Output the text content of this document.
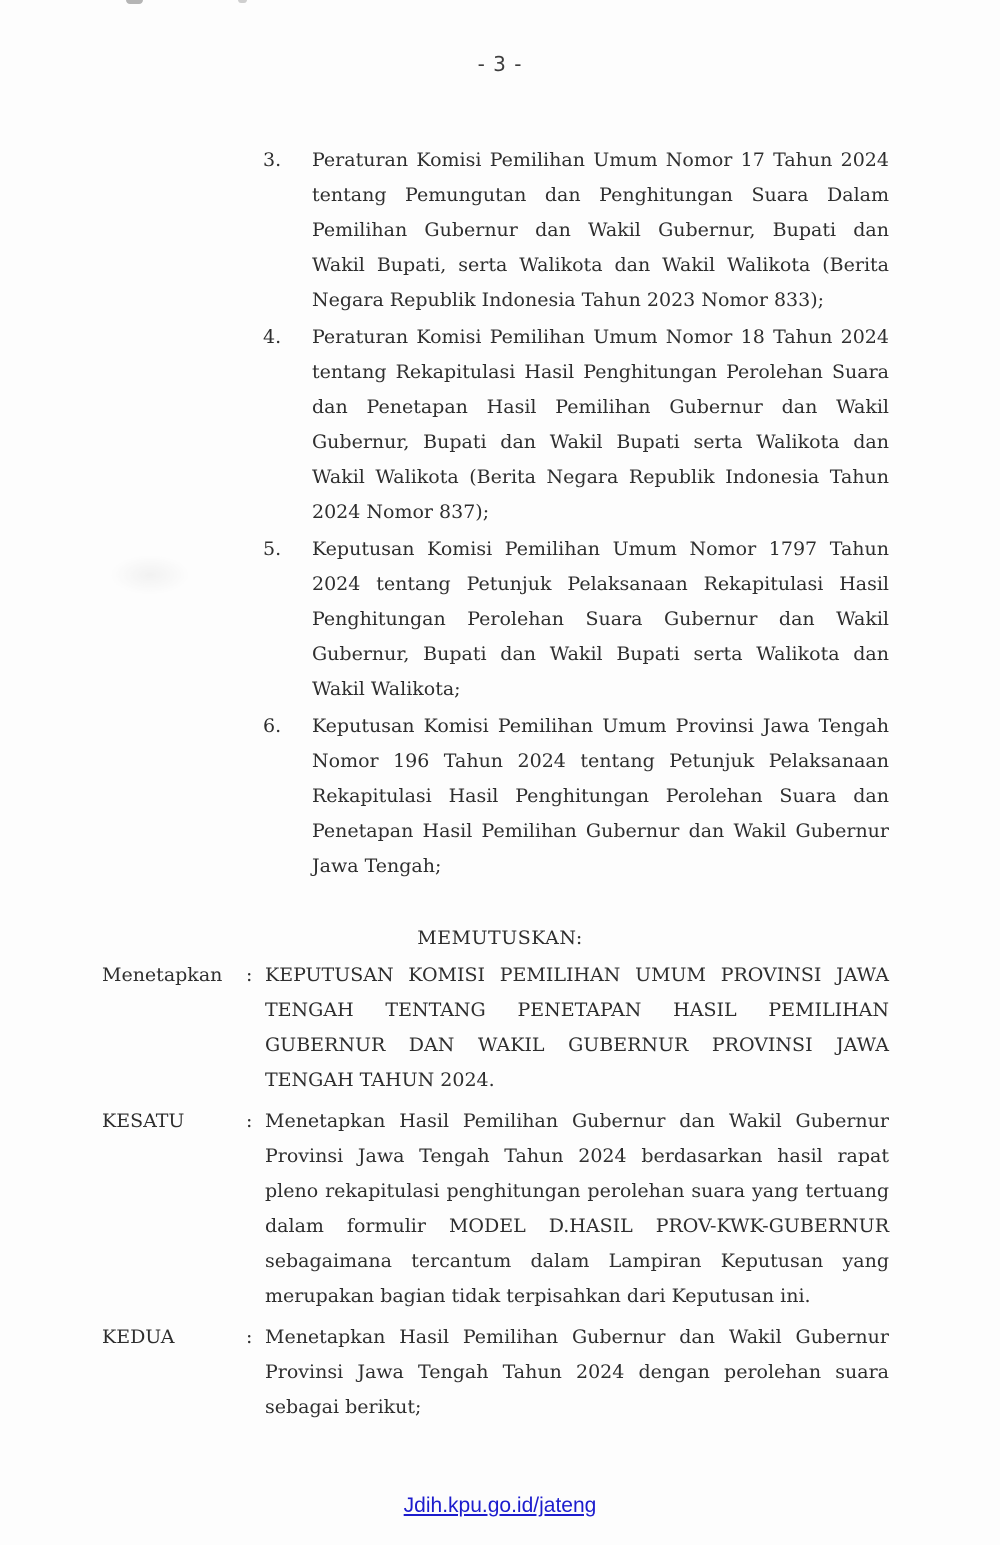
- 3 -
3.	Peraturan Komisi Pemilihan Umum Nomor 17 Tahun 2024
tentang Pemungutan dan Penghitungan Suara Dalam
Pemilihan Gubernur dan Wakil Gubernur, Bupati dan
Wakil Bupati, serta Walikota dan Wakil Walikota (Berita
Negara Republik Indonesia Tahun 2023 Nomor 833);
4.	Peraturan Komisi Pemilihan Umum Nomor 18 Tahun 2024
tentang Rekapitulasi Hasil Penghitungan Perolehan Suara
dan Penetapan Hasil Pemilihan Gubernur dan Wakil
Gubernur, Bupati dan Wakil Bupati serta Walikota dan
Wakil Walikota (Berita Negara Republik Indonesia Tahun
2024 Nomor 837);
5.	Keputusan Komisi Pemilihan Umum Nomor 1797 Tahun
2024 tentang Petunjuk Pelaksanaan Rekapitulasi Hasil
Penghitungan Perolehan Suara Gubernur dan Wakil
Gubernur, Bupati dan Wakil Bupati serta Walikota dan
Wakil Walikota;
6.	Keputusan Komisi Pemilihan Umum Provinsi Jawa Tengah
Nomor 196 Tahun 2024 tentang Petunjuk Pelaksanaan
Rekapitulasi Hasil Penghitungan Perolehan Suara dan
Penetapan Hasil Pemilihan Gubernur dan Wakil Gubernur
Jawa Tengah;
MEMUTUSKAN:
Menetapkan	: KEPUTUSAN KOMISI PEMILIHAN UMUM PROVINSI JAWA
TENGAH TENTANG PENETAPAN HASIL PEMILIHAN
GUBERNUR DAN WAKIL GUBERNUR PROVINSI JAWA
TENGAH TAHUN 2024.
KESATU	: Menetapkan Hasil Pemilihan Gubernur dan Wakil Gubernur
Provinsi Jawa Tengah Tahun 2024 berdasarkan hasil rapat
pleno rekapitulasi penghitungan perolehan suara yang tertuang
dalam formulir MODEL D.HASIL PROV-KWK-GUBERNUR
sebagaimana tercantum dalam Lampiran Keputusan yang
merupakan bagian tidak terpisahkan dari Keputusan ini.
KEDUA	: Menetapkan Hasil Pemilihan Gubernur dan Wakil Gubernur
Provinsi Jawa Tengah Tahun 2024 dengan perolehan suara
sebagai berikut;
Jdih.kpu.go.id/jateng
